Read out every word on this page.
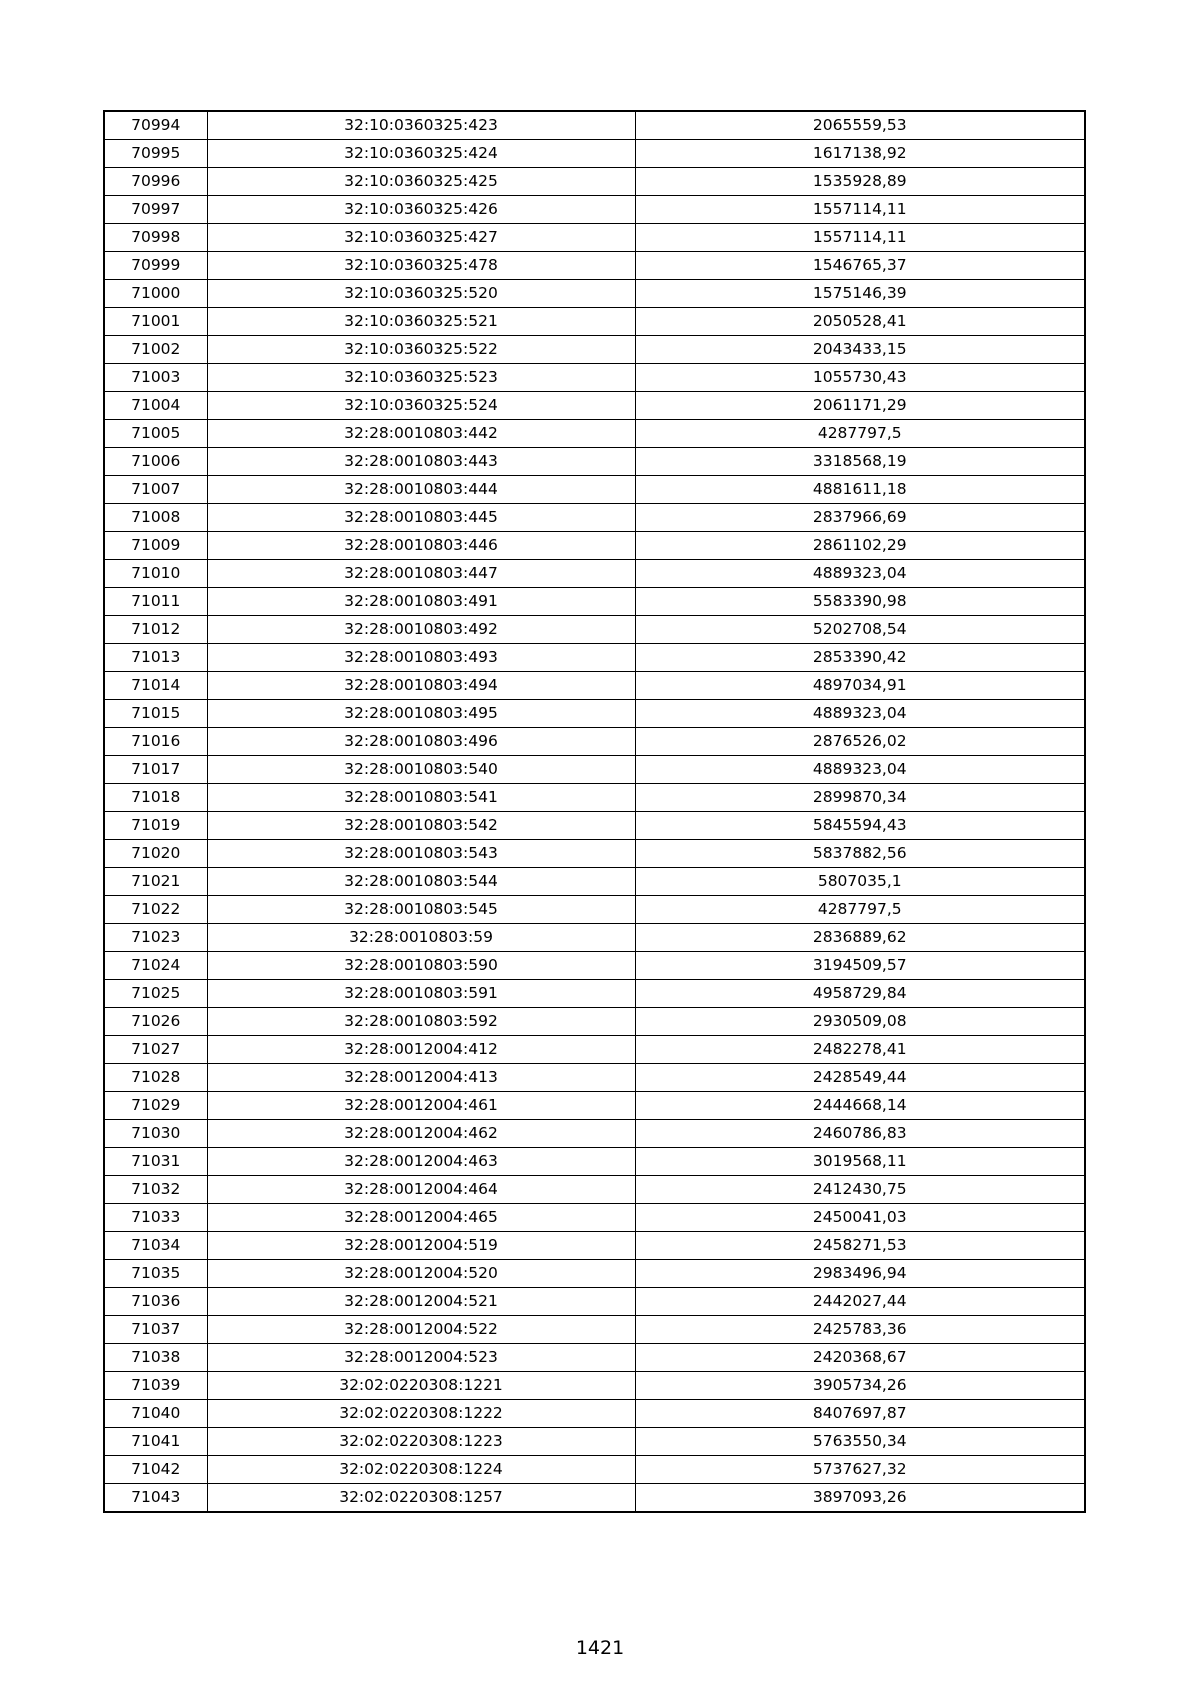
70994	32:10:0360325:423	2065559,53
70995	32:10:0360325:424	1617138,92
70996	32:10:0360325:425	1535928,89
70997	32:10:0360325:426	1557114,11
70998	32:10:0360325:427	1557114,11
70999	32:10:0360325:478	1546765,37
71000	32:10:0360325:520	1575146,39
71001	32:10:0360325:521	2050528,41
71002	32:10:0360325:522	2043433,15
71003	32:10:0360325:523	1055730,43
71004	32:10:0360325:524	2061171,29
71005	32:28:0010803:442	4287797,5
71006	32:28:0010803:443	3318568,19
71007	32:28:0010803:444	4881611,18
71008	32:28:0010803:445	2837966,69
71009	32:28:0010803:446	2861102,29
71010	32:28:0010803:447	4889323,04
71011	32:28:0010803:491	5583390,98
71012	32:28:0010803:492	5202708,54
71013	32:28:0010803:493	2853390,42
71014	32:28:0010803:494	4897034,91
71015	32:28:0010803:495	4889323,04
71016	32:28:0010803:496	2876526,02
71017	32:28:0010803:540	4889323,04
71018	32:28:0010803:541	2899870,34
71019	32:28:0010803:542	5845594,43
71020	32:28:0010803:543	5837882,56
71021	32:28:0010803:544	5807035,1
71022	32:28:0010803:545	4287797,5
71023	32:28:0010803:59	2836889,62
71024	32:28:0010803:590	3194509,57
71025	32:28:0010803:591	4958729,84
71026	32:28:0010803:592	2930509,08
71027	32:28:0012004:412	2482278,41
71028	32:28:0012004:413	2428549,44
71029	32:28:0012004:461	2444668,14
71030	32:28:0012004:462	2460786,83
71031	32:28:0012004:463	3019568,11
71032	32:28:0012004:464	2412430,75
71033	32:28:0012004:465	2450041,03
71034	32:28:0012004:519	2458271,53
71035	32:28:0012004:520	2983496,94
71036	32:28:0012004:521	2442027,44
71037	32:28:0012004:522	2425783,36
71038	32:28:0012004:523	2420368,67
71039	32:02:0220308:1221	3905734,26
71040	32:02:0220308:1222	8407697,87
71041	32:02:0220308:1223	5763550,34
71042	32:02:0220308:1224	5737627,32
71043	32:02:0220308:1257	3897093,26
1421
